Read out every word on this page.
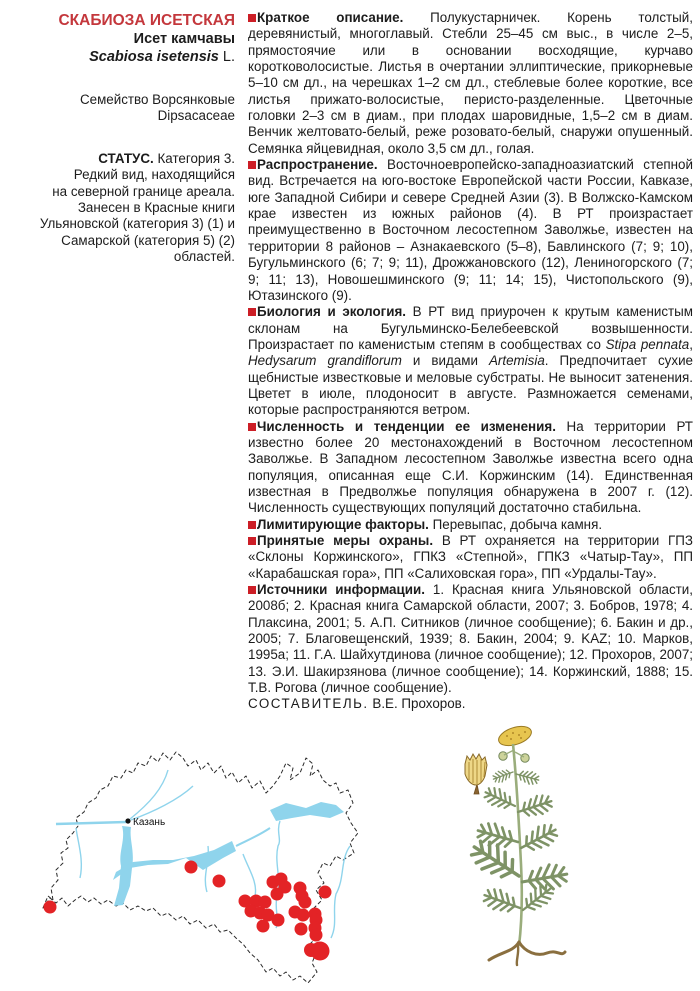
СКАБИОЗА ИСЕТСКАЯ
Исет камчавы
Scabiosa isetensis L.
Семейство Ворсянковые
Dipsacaceae
СТАТУС. Категория 3.
Редкий вид, находящийся
на северной границе ареала.
Занесен в Красные книги
Ульяновской (категория 3) (1) и
Самарской (категория 5) (2)
областей.

Краткое описание. Полукустарничек. Корень толстый, деревянистый, многоглавый. Стебли 25–45 см выс., в числе 2–5, прямостоячие или в основании восходящие, курчаво коротковолосистые. Листья в очертании эллиптические, прикорневые 5–10 см дл., на черешках 1–2 см дл., стеблевые более короткие, все листья прижато-волосистые, перисто-разделенные. Цветочные головки 2–3 см в диам., при плодах шаровидные, 1,5–2 см в диам. Венчик желтовато-белый, реже розовато-белый, снаружи опушенный. Семянка яйцевидная, около 3,5 см дл., голая.

Распространение. Восточноевропейско-западноазиатский степной вид. Встречается на юго-востоке Европейской части России, Кавказе, юге Западной Сибири и севере Средней Азии (3). В Волжско-Камском крае известен из южных районов (4). В РТ произрастает преимущественно в Восточном лесостепном Заволжье, известен на территории 8 районов – Азнакаевского (5–8), Бавлинского (7; 9; 10), Бугульминского (6; 7; 9; 11), Дрожжановского (12), Лениногорского (7; 9; 11; 13), Новошешминского (9; 11; 14; 15), Чистопольского (9), Ютазинского (9).

Биология и экология. В РТ вид приурочен к крутым каменистым склонам на Бугульминско-Белебеевской возвышенности. Произрастает по каменистым степям в сообществах со Stipa pennata, Hedysarum grandiflorum и видами Artemisia. Предпочитает сухие щебнистые известковые и меловые субстраты. Не выносит затенения. Цветет в июле, плодоносит в августе. Размножается семенами, которые распространяются ветром.

Численность и тенденции ее изменения. На территории РТ известно более 20 местонахождений в Восточном лесостепном Заволжье. В Западном лесостепном Заволжье известна всего одна популяция, описанная еще С.И. Коржинским (14). Единственная известная в Предволжье популяция обнаружена в 2007 г. (12). Численность существующих популяций достаточно стабильна.

Лимитирующие факторы. Перевыпас, добыча камня.

Принятые меры охраны. В РТ охраняется на территории ГПЗ «Склоны Коржинского», ГПКЗ «Степной», ГПКЗ «Чатыр-Тау», ПП «Карабашская гора», ПП «Салиховская гора», ПП «Урдалы-Тау».

Источники информации. 1. Красная книга Ульяновской области, 2008б; 2. Красная книга Самарской области, 2007; 3. Бобров, 1978; 4. Плаксина, 2001; 5. А.П. Ситников (личное сообщение); 6. Бакин и др., 2005; 7. Благовещенский, 1939; 8. Бакин, 2004; 9. KAZ; 10. Марков, 1995а; 11. Г.А. Шайхутдинова (личное сообщение); 12. Прохоров, 2007; 13. Э.И. Шакирзянова (личное сообщение); 14. Коржинский, 1888; 15. Т.В. Рогова (личное сообщение).

СОСТАВИТЕЛЬ. В.Е. Прохоров.

Казань
